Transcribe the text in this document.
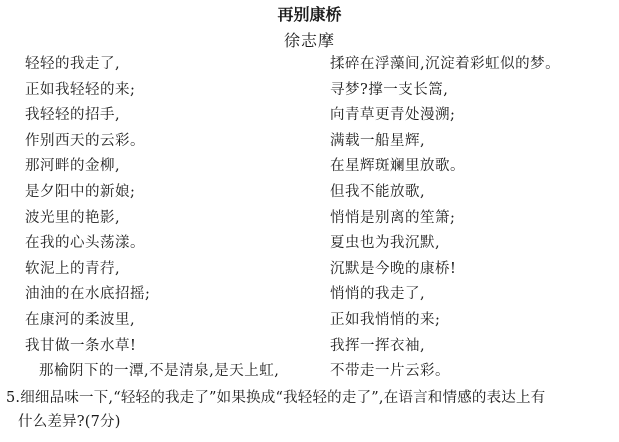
再别康桥
徐志摩
轻轻的我走了,
正如我轻轻的来;
我轻轻的招手,
作别西天的云彩。
那河畔的金柳,
是夕阳中的新娘;
波光里的艳影,
在我的心头荡漾。
软泥上的青荇,
油油的在水底招摇;
在康河的柔波里,
我甘做一条水草!
那榆阴下的一潭,不是清泉,是天上虹,
揉碎在浮藻间,沉淀着彩虹似的梦。
寻梦?撑一支长篙,
向青草更青处漫溯;
满载一船星辉,
在星辉斑斓里放歌。
但我不能放歌,
悄悄是别离的笙箫;
夏虫也为我沉默,
沉默是今晚的康桥!
悄悄的我走了,
正如我悄悄的来;
我挥一挥衣袖,
不带走一片云彩。
5.细细品味一下,“轻轻的我走了”如果换成“我轻轻的走了”,在语言和情感的表达上有
什么差异?(7分)
